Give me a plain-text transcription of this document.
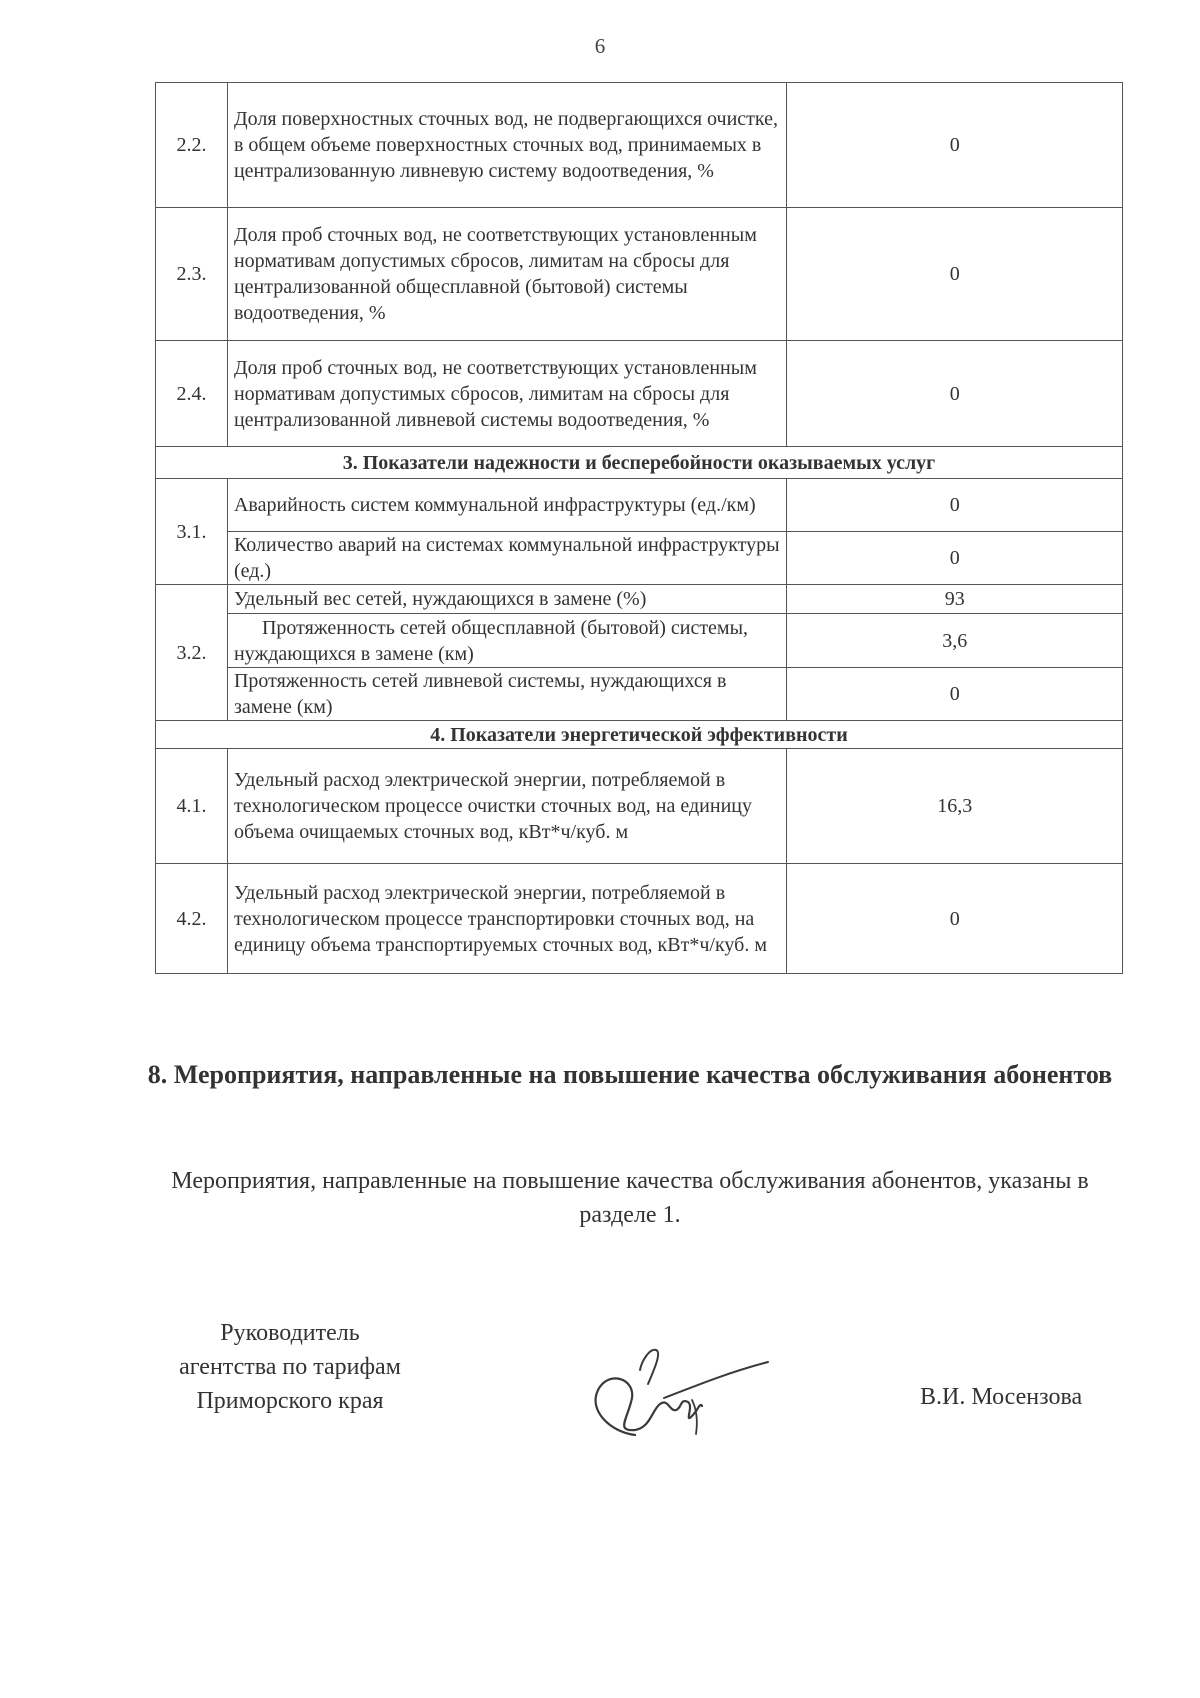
6
2.2.	Доля поверхностных сточных вод, не подвергающихся очистке, в общем объеме поверхностных сточных вод, принимаемых в централизованную ливневую систему водоотведения, %	0
2.3.	Доля проб сточных вод, не соответствующих установленным нормативам допустимых сбросов, лимитам на сбросы для централизованной общесплавной (бытовой) системы водоотведения, %	0
2.4.	Доля проб сточных вод, не соответствующих установленным нормативам допустимых сбросов, лимитам на сбросы для централизованной ливневой системы водоотведения, %	0
3. Показатели надежности и бесперебойности оказываемых услуг		
3.1.	Аварийность систем коммунальной инфраструктуры (ед./км)	0
	Количество аварий на системах коммунальной инфраструктуры (ед.)	0
3.2.	Удельный вес сетей, нуждающихся в замене (%)	93
	Протяженность сетей общесплавной (бытовой) системы, нуждающихся в замене (км)	3,6
	Протяженность сетей ливневой системы, нуждающихся в замене (км)	0
4. Показатели энергетической эффективности		
4.1.	Удельный расход электрической энергии, потребляемой в технологическом процессе очистки сточных вод, на единицу объема очищаемых сточных вод, кВт*ч/куб. м	16,3
4.2.	Удельный расход электрической энергии, потребляемой в технологическом процессе транспортировки сточных вод, на единицу объема транспортируемых сточных вод, кВт*ч/куб. м	0
8. Мероприятия, направленные на повышение качества обслуживания абонентов
Мероприятия, направленные на повышение качества обслуживания абонентов, указаны в разделе 1.
Руководитель
агентства по тарифам
Приморского края	В.И. Мосензова
